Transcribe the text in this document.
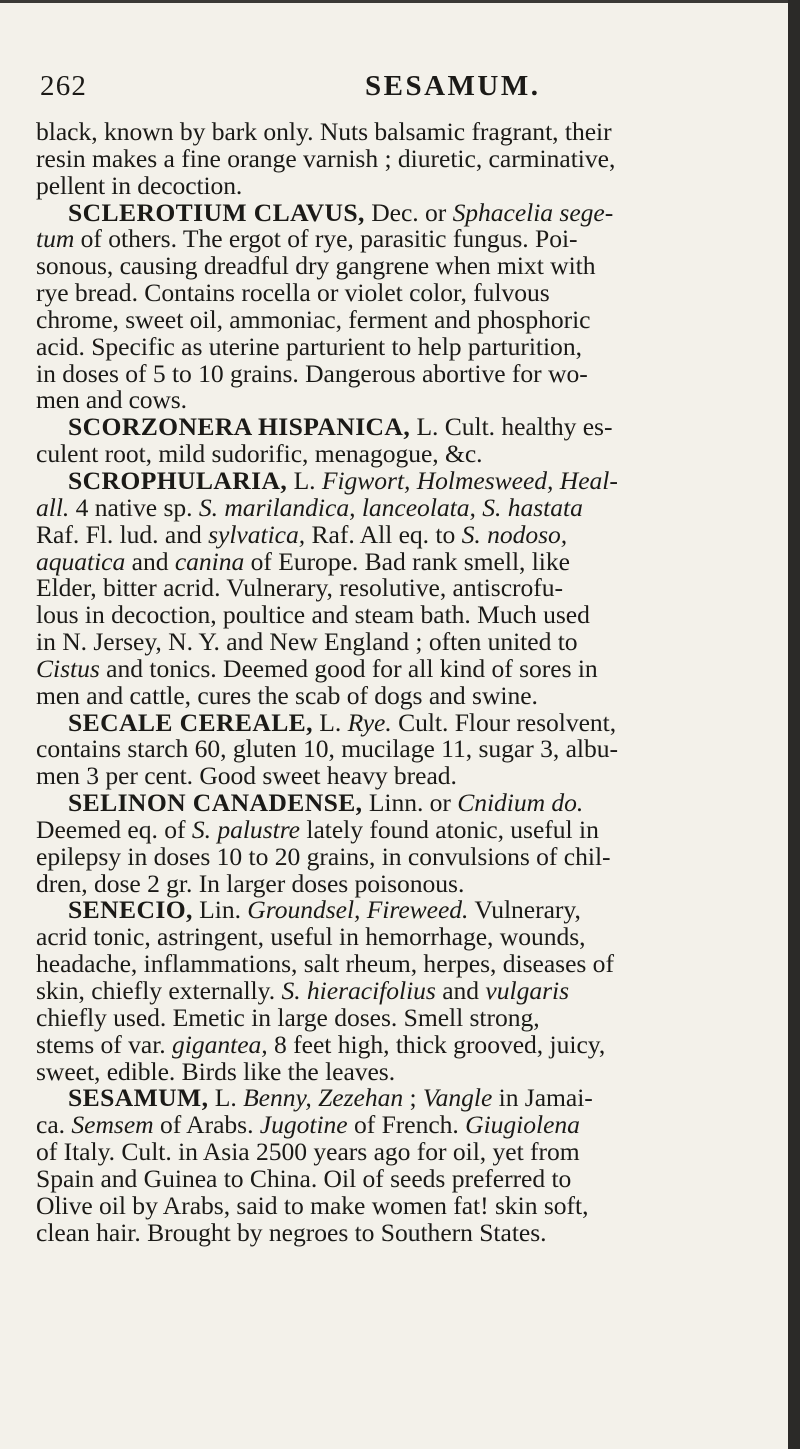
262	SESAMUM.
black, known by bark only. Nuts balsamic fragrant, their
resin makes a fine orange varnish ; diuretic, carminative,
pellent in decoction.
SCLEROTIUM CLAVUS, Dec. or Sphacelia sege-
tum of others. The ergot of rye, parasitic fungus. Poi-
sonous, causing dreadful dry gangrene when mixt with
rye bread. Contains rocella or violet color, fulvous
chrome, sweet oil, ammoniac, ferment and phosphoric
acid. Specific as uterine parturient to help parturition,
in doses of 5 to 10 grains. Dangerous abortive for wo-
men and cows.
SCORZONERA HISPANICA, L. Cult. healthy es-
culent root, mild sudorific, menagogue, &c.
SCROPHULARIA, L. Figwort, Holmesweed, Heal-
all. 4 native sp. S. marilandica, lanceolata, S. hastata
Raf. Fl. lud. and sylvatica, Raf. All eq. to S. nodoso,
aquatica and canina of Europe. Bad rank smell, like
Elder, bitter acrid. Vulnerary, resolutive, antiscrofu-
lous in decoction, poultice and steam bath. Much used
in N. Jersey, N. Y. and New England ; often united to
Cistus and tonics. Deemed good for all kind of sores in
men and cattle, cures the scab of dogs and swine.
SECALE CEREALE, L. Rye. Cult. Flour resolvent,
contains starch 60, gluten 10, mucilage 11, sugar 3, albu-
men 3 per cent. Good sweet heavy bread.
SELINON CANADENSE, Linn. or Cnidium do.
Deemed eq. of S. palustre lately found atonic, useful in
epilepsy in doses 10 to 20 grains, in convulsions of chil-
dren, dose 2 gr. In larger doses poisonous.
SENECIO, Lin. Groundsel, Fireweed. Vulnerary,
acrid tonic, astringent, useful in hemorrhage, wounds,
headache, inflammations, salt rheum, herpes, diseases of
skin, chiefly externally. S. hieracifolius and vulgaris
chiefly used. Emetic in large doses. Smell strong,
stems of var. gigantea, 8 feet high, thick grooved, juicy,
sweet, edible. Birds like the leaves.
SESAMUM, L. Benny, Zezehan ; Vangle in Jamai-
ca. Semsem of Arabs. Jugotine of French. Giugiolena
of Italy. Cult. in Asia 2500 years ago for oil, yet from
Spain and Guinea to China. Oil of seeds preferred to
Olive oil by Arabs, said to make women fat! skin soft,
clean hair. Brought by negroes to Southern States.
